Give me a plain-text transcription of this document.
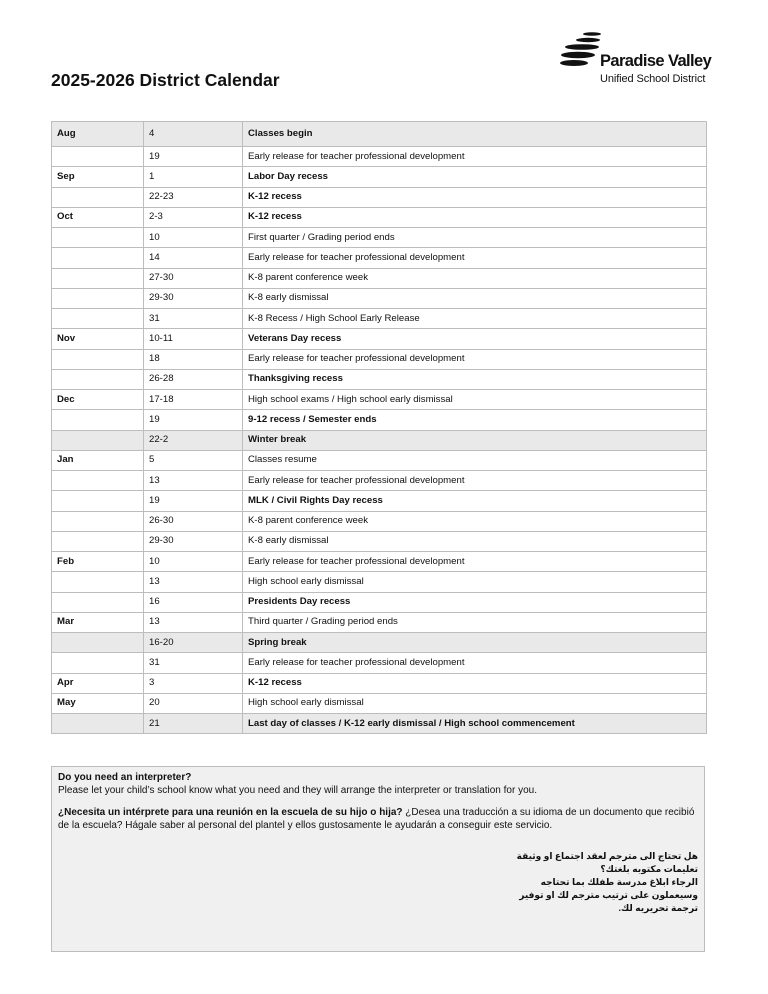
2025-2026 District Calendar
Paradise Valley
Unified School District
Aug	4	Classes begin
	19	Early release for teacher professional development
Sep	1	Labor Day recess
	22-23	K-12 recess
Oct	2-3	K-12 recess
	10	First quarter / Grading period ends
	14	Early release for teacher professional development
	27-30	K-8 parent conference week
	29-30	K-8 early dismissal
	31	K-8 Recess / High School Early Release
Nov	10-11	Veterans Day recess
	18	Early release for teacher professional development
	26-28	Thanksgiving recess
Dec	17-18	High school exams / High school early dismissal
	19	9-12 recess / Semester ends
	22-2	Winter break
Jan	5	Classes resume
	13	Early release for teacher professional development
	19	MLK / Civil Rights Day recess
	26-30	K-8 parent conference week
	29-30	K-8 early dismissal
Feb	10	Early release for teacher professional development
	13	High school early dismissal
	16	Presidents Day recess
Mar	13	Third quarter / Grading period ends
	16-20	Spring break
	31	Early release for teacher professional development
Apr	3	K-12 recess
May	20	High school early dismissal
	21	Last day of classes / K-12 early dismissal / High school commencement

Do you need an interpreter?

Please let your child’s school know what you need and they will arrange the interpreter or translation for you.

¿Necesita un intérprete para una reunión en la escuela de su hijo o hija? ¿Desea una traducción a su idioma de un documento que recibió de la escuela? Hágale saber al personal del plantel y ellos gustosamente le ayudarán a conseguir este servicio.

هل تحتاج الى مترجم لعقد اجتماع او وثيقة تعليمات مكتوبه بلغتك؟

الرجاء ابلاغ مدرسة طفلك بما تحتاجه وسيعملون على ترتيب مترجم لك او توفير ترجمة تحريريه لك.
